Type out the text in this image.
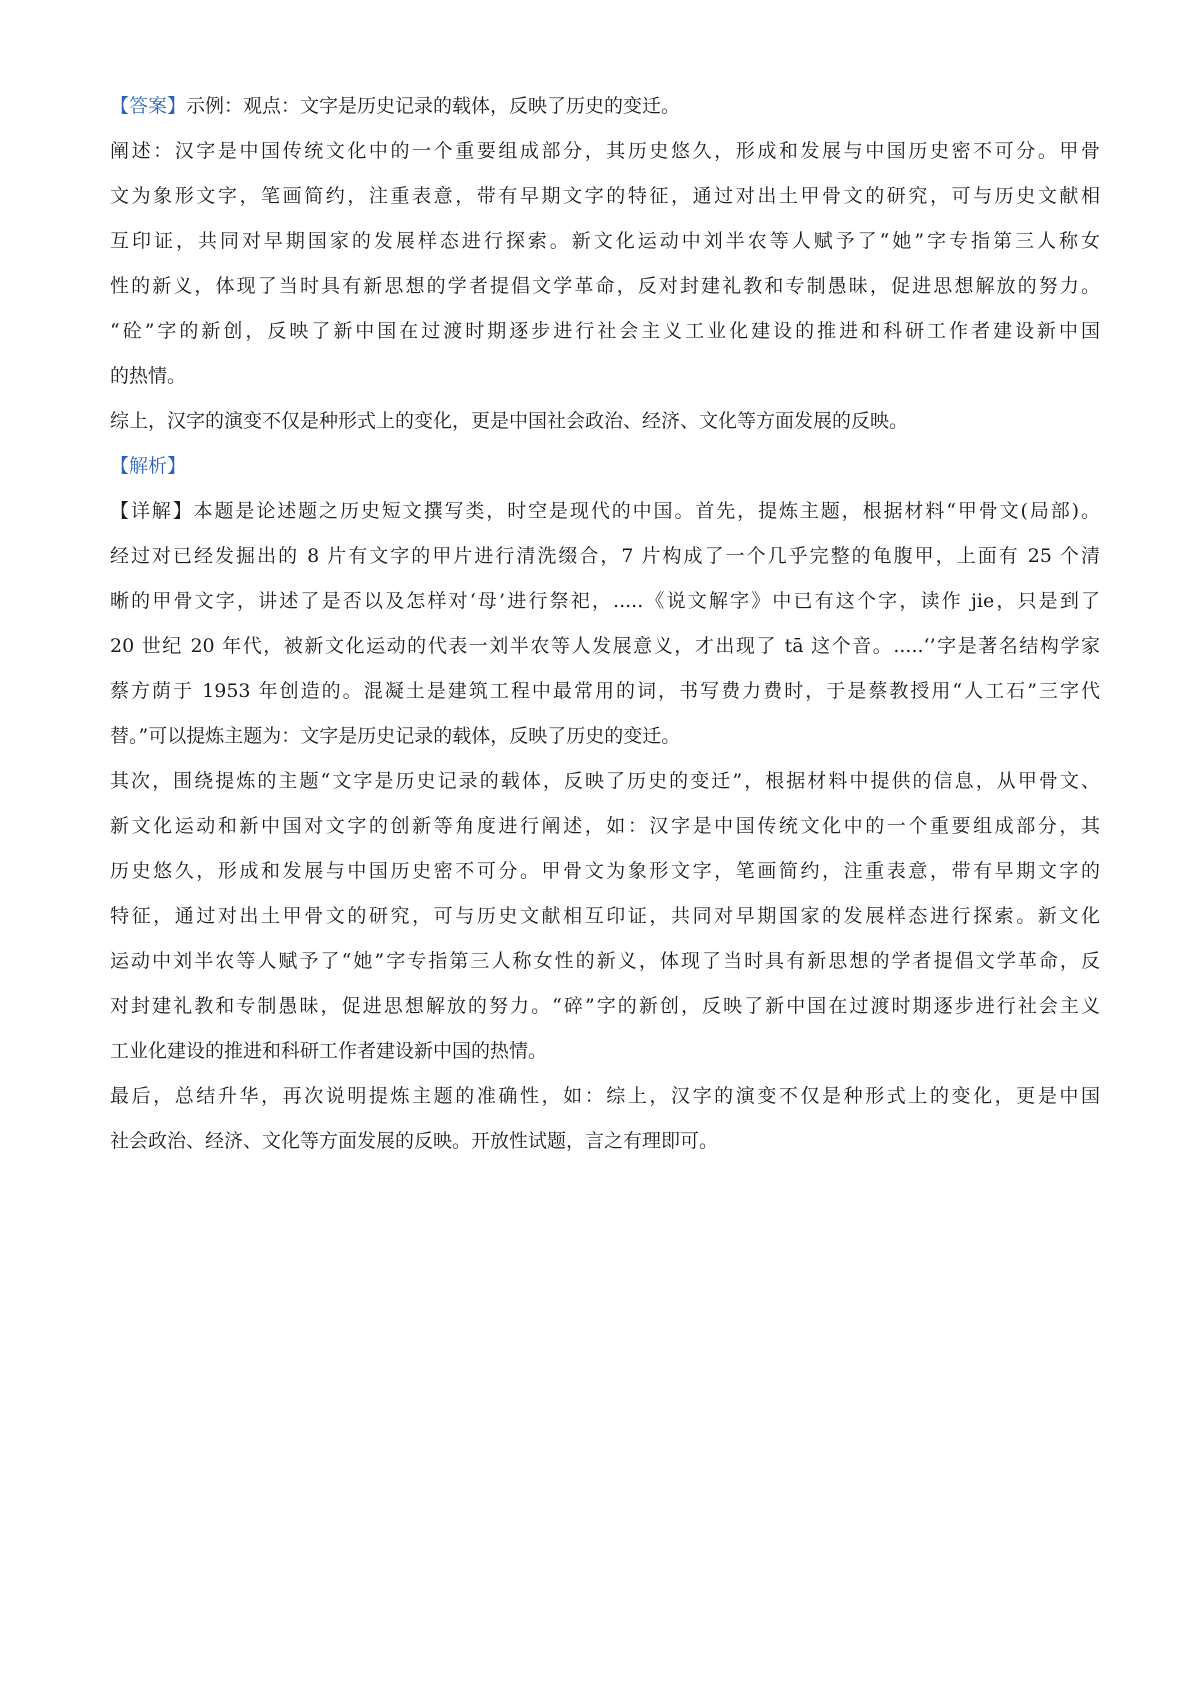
【答案】示例：观点：文字是历史记录的载体，反映了历史的变迁。
阐述：汉字是中国传统文化中的一个重要组成部分，其历史悠久，形成和发展与中国历史密不可分。甲骨
文为象形文字，笔画简约，注重表意，带有早期文字的特征，通过对出土甲骨文的研究，可与历史文献相
互印证，共同对早期国家的发展样态进行探索。新文化运动中刘半农等人赋予了“她”字专指第三人称女
性的新义，体现了当时具有新思想的学者提倡文学革命，反对封建礼教和专制愚昧，促进思想解放的努力。
“砼”字的新创，反映了新中国在过渡时期逐步进行社会主义工业化建设的推进和科研工作者建设新中国
的热情。
综上，汉字的演变不仅是种形式上的变化，更是中国社会政治、经济、文化等方面发展的反映。
【解析】
【详解】本题是论述题之历史短文撰写类，时空是现代的中国。首先，提炼主题，根据材料“甲骨文(局部)。
经过对已经发掘出的 8 片有文字的甲片进行清洗缀合，7 片构成了一个几乎完整的龟腹甲，上面有 25 个清
晰的甲骨文字，讲述了是否以及怎样对‘母’进行祭祀，.....《说文解字》中已有这个字，读作 jie，只是到了
20 世纪 20 年代，被新文化运动的代表一刘半农等人发展意义，才出现了 tā 这个音。.....‘’字是著名结构学家
蔡方荫于 1953 年创造的。混凝土是建筑工程中最常用的词，书写费力费时，于是蔡教授用“人工石”三字代
替。”可以提炼主题为：文字是历史记录的载体，反映了历史的变迁。
其次，围绕提炼的主题“文字是历史记录的载体，反映了历史的变迁”，根据材料中提供的信息，从甲骨文、
新文化运动和新中国对文字的创新等角度进行阐述，如：汉字是中国传统文化中的一个重要组成部分，其
历史悠久，形成和发展与中国历史密不可分。甲骨文为象形文字，笔画简约，注重表意，带有早期文字的
特征，通过对出土甲骨文的研究，可与历史文献相互印证，共同对早期国家的发展样态进行探索。新文化
运动中刘半农等人赋予了“她”字专指第三人称女性的新义，体现了当时具有新思想的学者提倡文学革命，反
对封建礼教和专制愚昧，促进思想解放的努力。“碎”字的新创，反映了新中国在过渡时期逐步进行社会主义
工业化建设的推进和科研工作者建设新中国的热情。
最后，总结升华，再次说明提炼主题的准确性，如：综上，汉字的演变不仅是种形式上的变化，更是中国
社会政治、经济、文化等方面发展的反映。开放性试题，言之有理即可。
